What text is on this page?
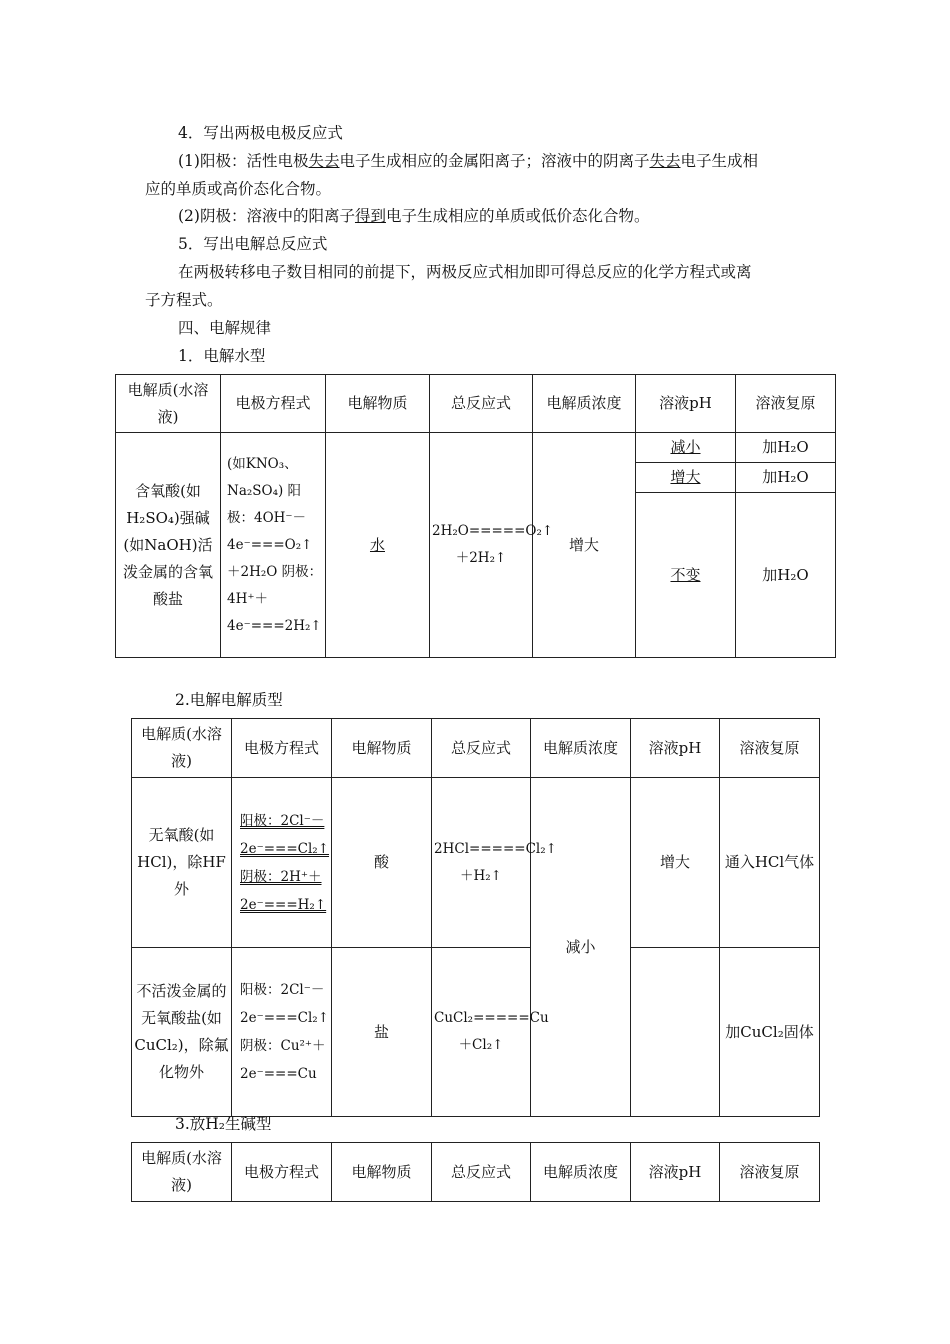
4．写出两极电极反应式
(1)阳极：活性电极失去电子生成相应的金属阳离子；溶液中的阴离子失去电子生成相
应的单质或高价态化合物。
(2)阴极：溶液中的阳离子得到电子生成相应的单质或低价态化合物。
5．写出电解总反应式
在两极转移电子数目相同的前提下，两极反应式相加即可得总反应的化学方程式或离
子方程式。
四、电解规律
1．电解水型
电解质(水溶液)	电极方程式	电解物质	总反应式	电解质浓度	溶液pH	溶液复原
含氧酸(如H₂SO₄)强碱(如NaOH)活泼金属的含氧酸盐	(如KNO₃、Na₂SO₄) 阳极：4OH⁻－4e⁻===O₂↑＋2H₂O 阴极：4H⁺＋4e⁻===2H₂↑	水	2H₂O=====O₂↑＋2H₂↑	增大	减小	加H₂O
					增大	加H₂O
					不变	加H₂O
2.电解电解质型
电解质(水溶液)	电极方程式	电解物质	总反应式	电解质浓度	溶液pH	溶液复原
无氧酸(如HCl)，除HF外	阳极：2Cl⁻－2e⁻===Cl₂↑ 阴极：2H⁺＋2e⁻===H₂↑	酸	2HCl=====Cl₂↑＋H₂↑	减小	增大	通入HCl气体
不活泼金属的无氧酸盐(如CuCl₂)，除氟化物外	阳极：2Cl⁻－2e⁻===Cl₂↑ 阴极：Cu²⁺＋2e⁻===Cu	盐	CuCl₂=====Cu＋Cl₂↑			加CuCl₂固体
3.放H₂生碱型
电解质(水溶液)	电极方程式	电解物质	总反应式	电解质浓度	溶液pH	溶液复原
